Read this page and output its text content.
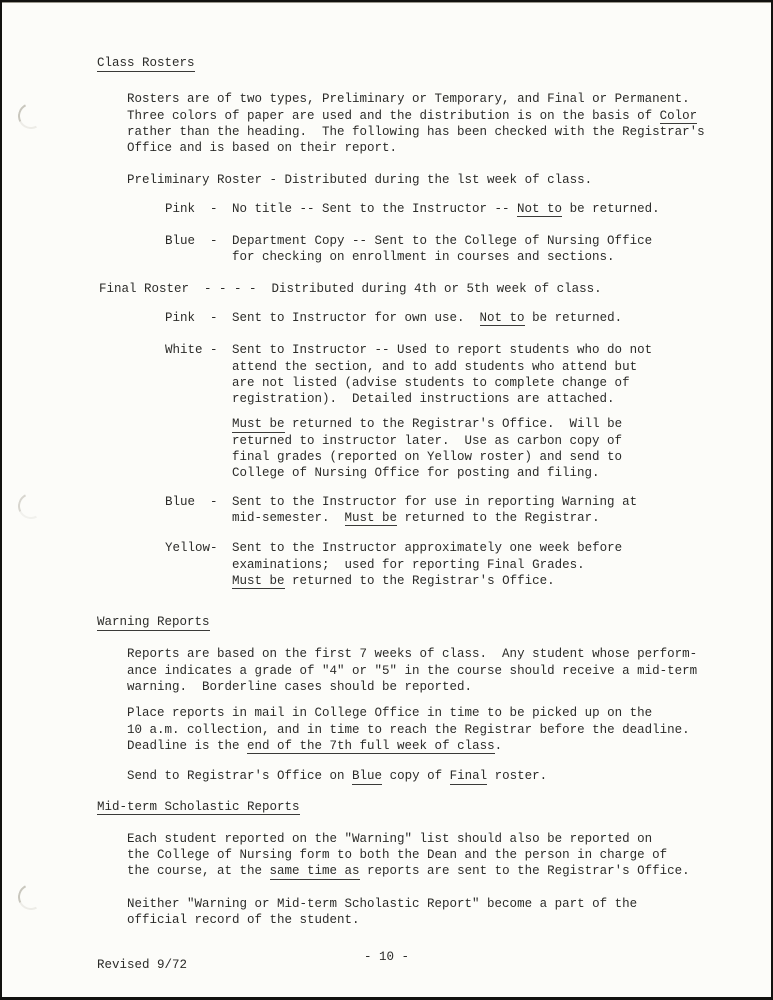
Class Rosters
Rosters are of two types, Preliminary or Temporary, and Final or Permanent.
Three colors of paper are used and the distribution is on the basis of Color
rather than the heading.  The following has been checked with the Registrar's
Office and is based on their report.
Preliminary Roster - Distributed during the lst week of class.
Pink	-	No title -- Sent to the Instructor -- Not to be returned.
Blue	-	Department Copy -- Sent to the College of Nursing Office
for checking on enrollment in courses and sections.
Final Roster  - - - -  Distributed during 4th or 5th week of class.
Pink	-	Sent to Instructor for own use.  Not to be returned.
White -	Sent to Instructor -- Used to report students who do not
attend the section, and to add students who attend but
are not listed (advise students to complete change of
registration).  Detailed instructions are attached.
Must be returned to the Registrar's Office.  Will be
returned to instructor later.  Use as carbon copy of
final grades (reported on Yellow roster) and send to
College of Nursing Office for posting and filing.
Blue	-	Sent to the Instructor for use in reporting Warning at
mid-semester.  Must be returned to the Registrar.
Yellow -	Sent to the Instructor approximately one week before
examinations;  used for reporting Final Grades.
Must be returned to the Registrar's Office.
Warning Reports
Reports are based on the first 7 weeks of class.  Any student whose perform-
ance indicates a grade of "4" or "5" in the course should receive a mid-term
warning.  Borderline cases should be reported.
Place reports in mail in College Office in time to be picked up on the
10 a.m. collection, and in time to reach the Registrar before the deadline.
Deadline is the end of the 7th full week of class.
Send to Registrar's Office on Blue copy of Final roster.
Mid-term Scholastic Reports
Each student reported on the "Warning" list should also be reported on
the College of Nursing form to both the Dean and the person in charge of
the course, at the same time as reports are sent to the Registrar's Office.
Neither "Warning or Mid-term Scholastic Report" become a part of the
official record of the student.
- 10 -
Revised 9/72
